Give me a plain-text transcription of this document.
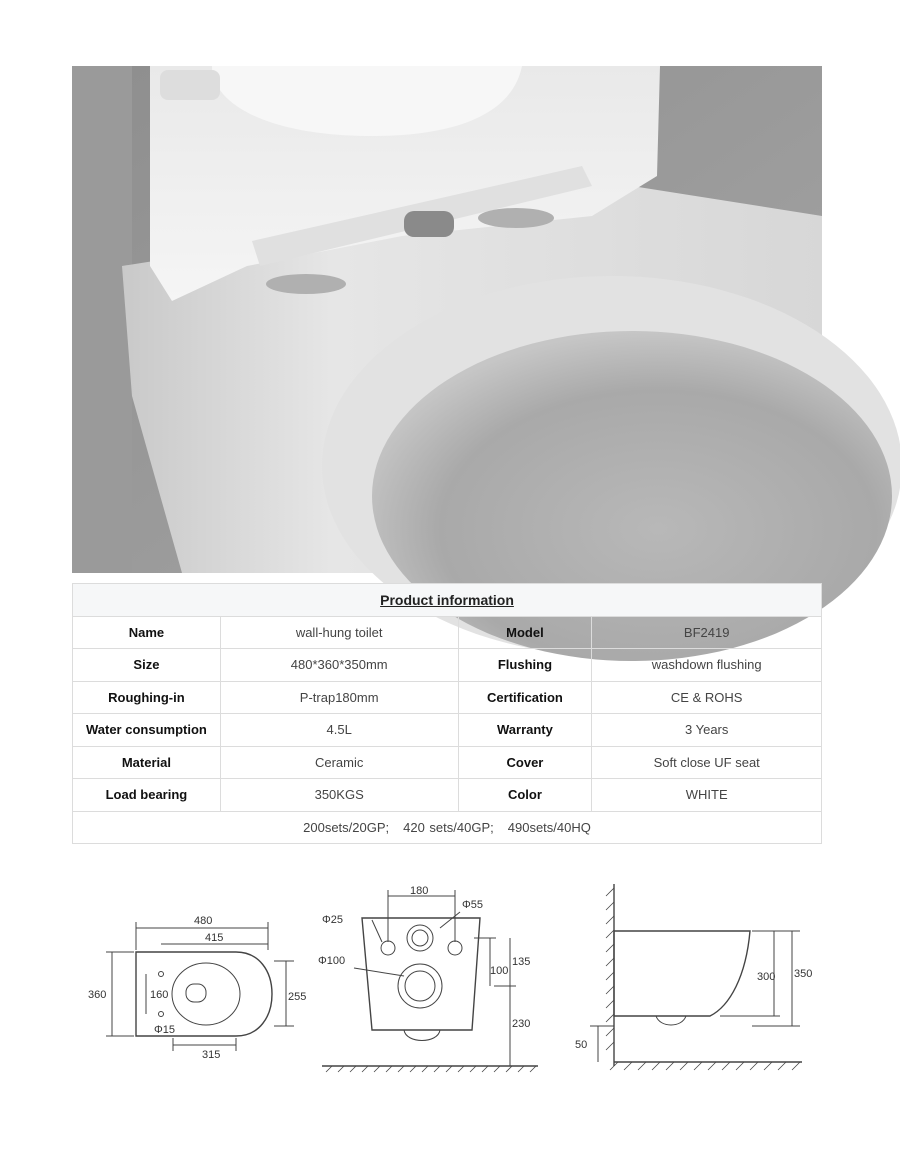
Product information			
Name	wall-hung toilet	Model	BF2419
Size	480*360*350mm	Flushing	washdown flushing
Roughing-in	P-trap180mm	Certification	CE & ROHS
Water consumption	4.5L	Warranty	3 Years
Material	Ceramic	Cover	Soft close UF seat
Load bearing	350KGS	Color	WHITE
200sets/20GP; 420 sets/40GP; 490sets/40HQ			
480
415
360	160	255
Φ15
315
180
Φ55
Φ25
Φ100	135
100
230
300 350
50
